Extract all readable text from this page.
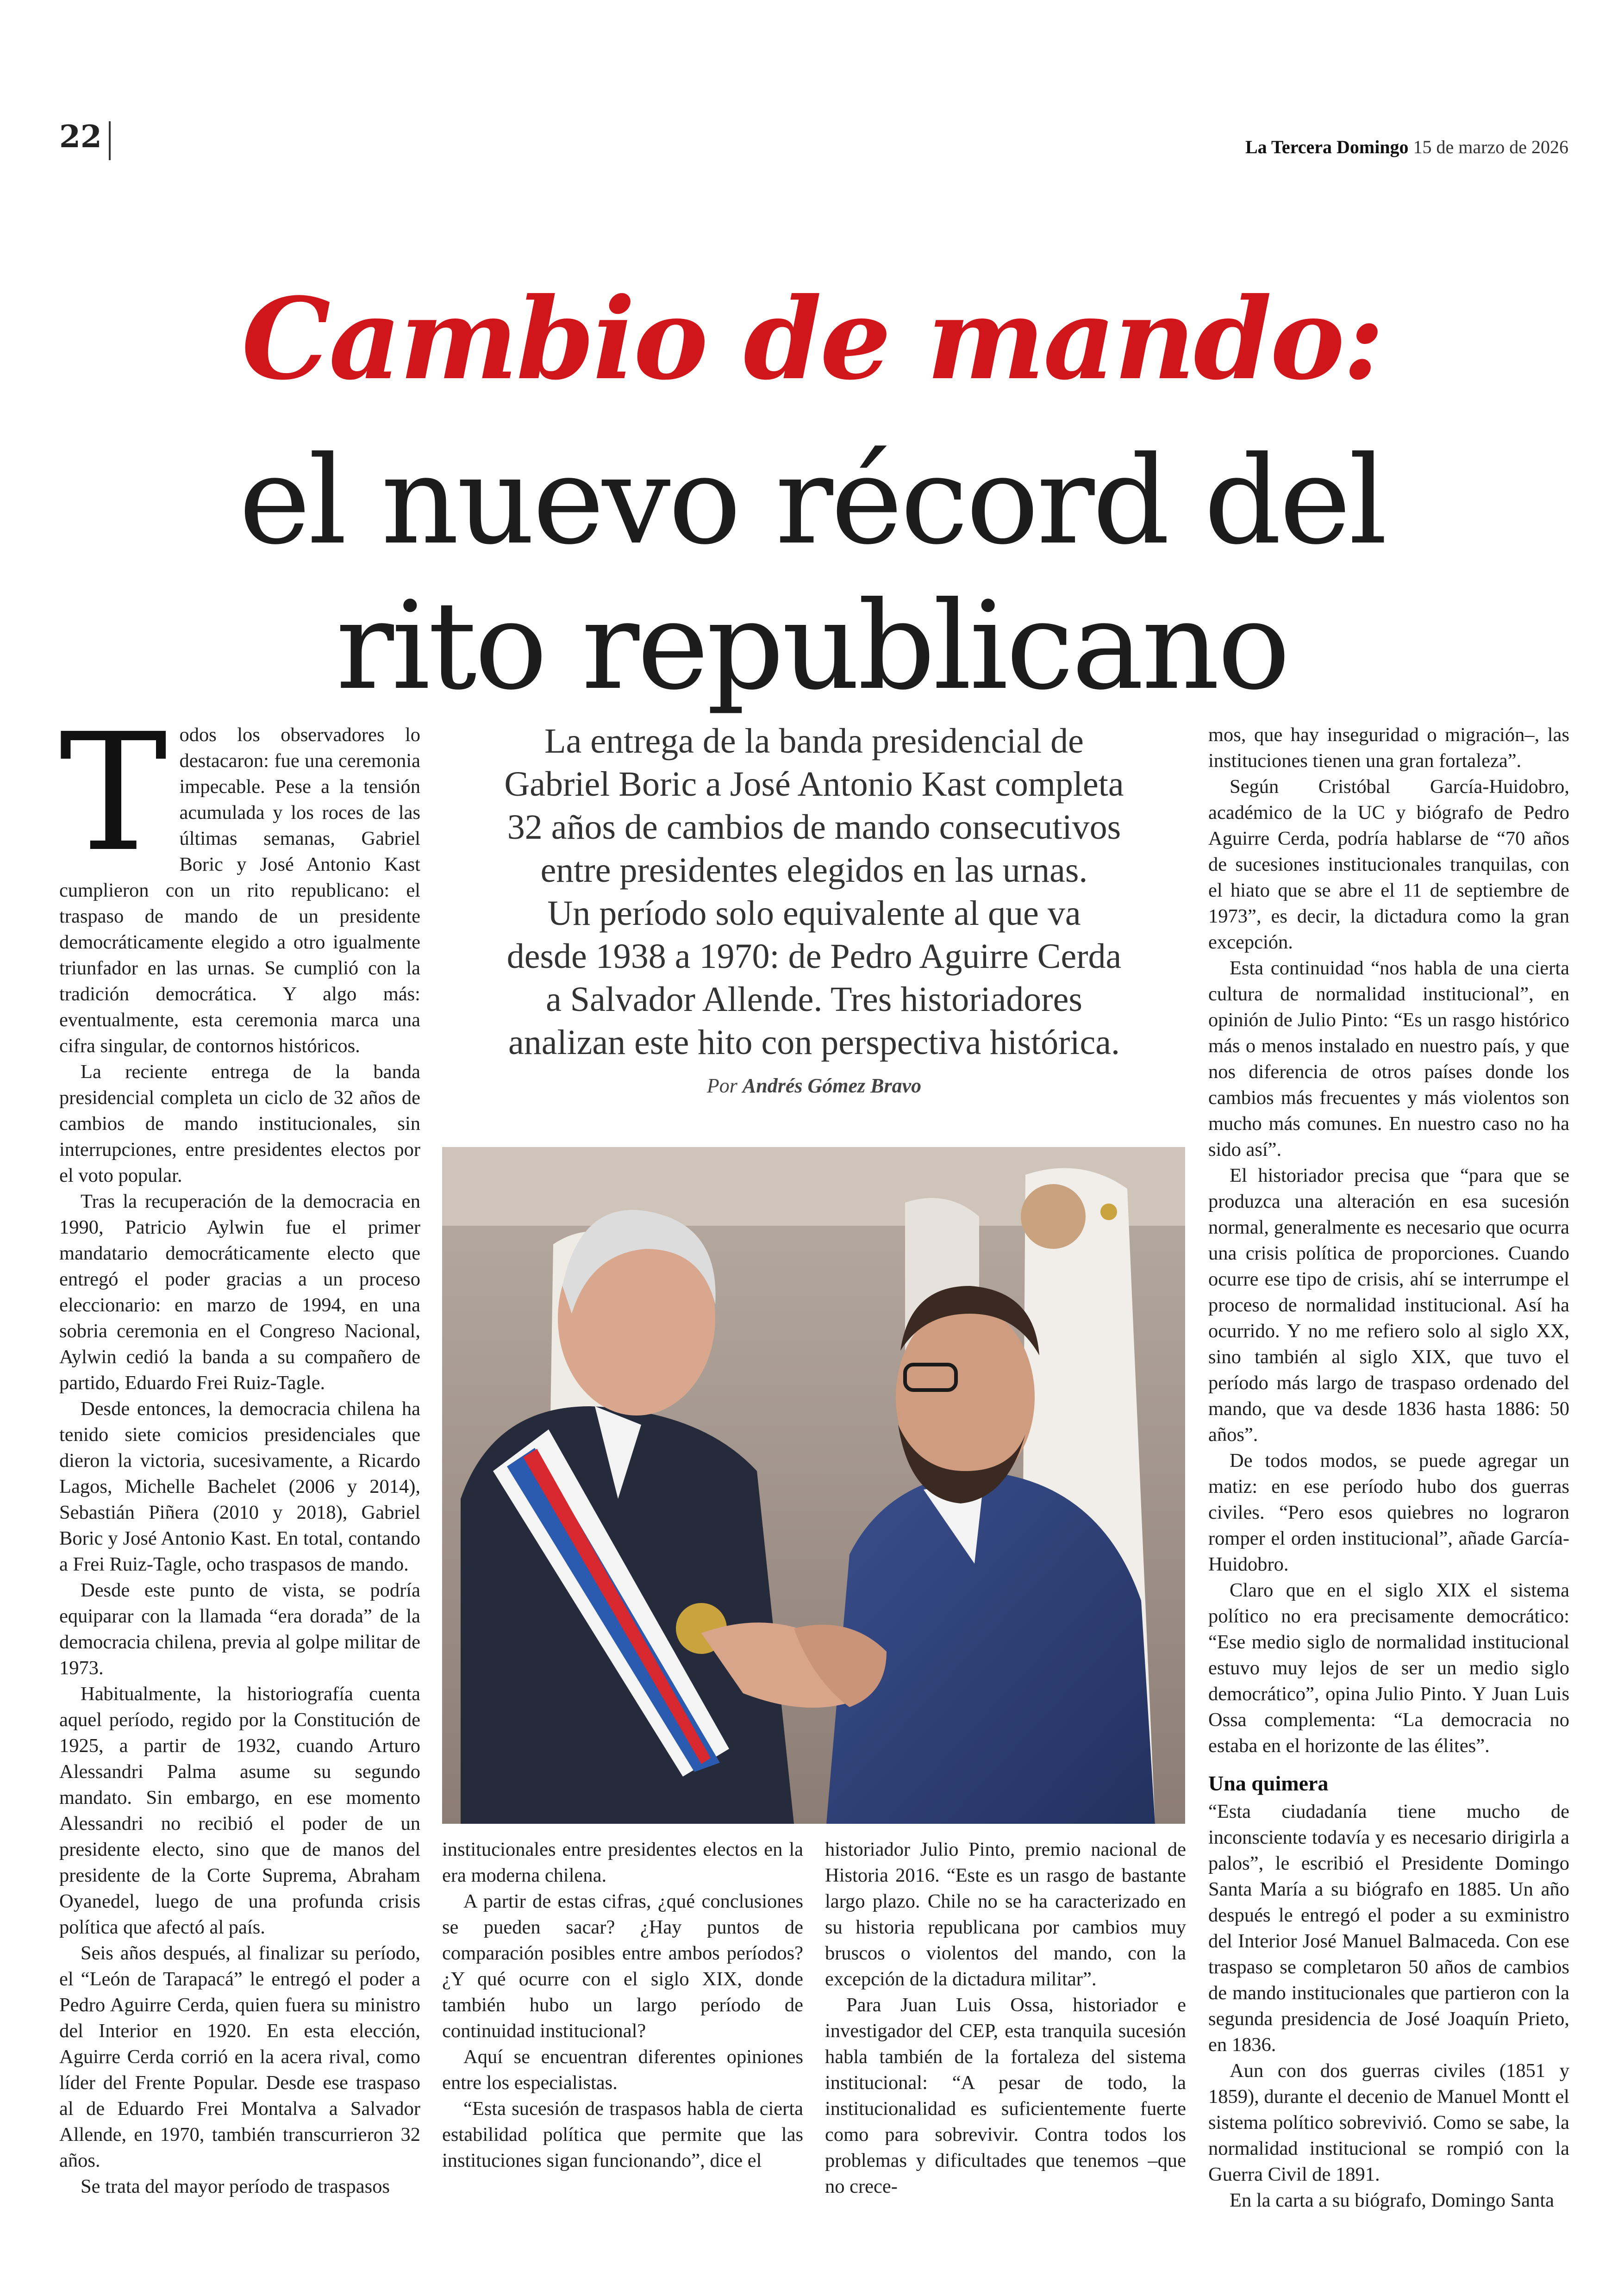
22	La Tercera Domingo 15 de marzo de 2026
Cambio de mando:
el nuevo récord del
rito republicano
La entrega de la banda presidencial de
Gabriel Boric a José Antonio Kast completa
32 años de cambios de mando consecutivos
entre presidentes elegidos en las urnas.
Un período solo equivalente al que va
desde 1938 a 1970: de Pedro Aguirre Cerda
a Salvador Allende. Tres historiadores
analizan este hito con perspectiva histórica.
Por Andrés Gómez Bravo
T odos los observadores lo destacaron: fue una ceremonia impecable. Pese a la tensión acumulada y los roces de las últimas semanas, Gabriel Boric y José Antonio Kast cumplieron con un rito republicano: el traspaso de mando de un presidente democráticamente elegido a otro igualmente triunfador en las urnas. Se cumplió con la tradición democrática. Y algo más: eventualmente, esta ceremonia marca una cifra singular, de contornos históricos.

La reciente entrega de la banda presidencial completa un ciclo de 32 años de cambios de mando institucionales, sin interrupciones, entre presidentes electos por el voto popular.

Tras la recuperación de la democracia en 1990, Patricio Aylwin fue el primer mandatario democráticamente electo que entregó el poder gracias a un proceso eleccionario: en marzo de 1994, en una sobria ceremonia en el Congreso Nacional, Aylwin cedió la banda a su compañero de partido, Eduardo Frei Ruiz-Tagle.

Desde entonces, la democracia chilena ha tenido siete comicios presidenciales que dieron la victoria, sucesivamente, a Ricardo Lagos, Michelle Bachelet (2006 y 2014), Sebastián Piñera (2010 y 2018), Gabriel Boric y José Antonio Kast. En total, contando a Frei Ruiz-Tagle, ocho traspasos de mando.

Desde este punto de vista, se podría equiparar con la llamada “era dorada” de la democracia chilena, previa al golpe militar de 1973.

Habitualmente, la historiografía cuenta aquel período, regido por la Constitución de 1925, a partir de 1932, cuando Arturo Alessandri Palma asume su segundo mandato. Sin embargo, en ese momento Alessandri no recibió el poder de un presidente electo, sino que de manos del presidente de la Corte Suprema, Abraham Oyanedel, luego de una profunda crisis política que afectó al país.

Seis años después, al finalizar su período, el “León de Tarapacá” le entregó el poder a Pedro Aguirre Cerda, quien fuera su ministro del Interior en 1920. En esta elección, Aguirre Cerda corrió en la acera rival, como líder del Frente Popular. Desde ese traspaso al de Eduardo Frei Montalva a Salvador Allende, en 1970, también transcurrieron 32 años.

Se trata del mayor período de traspasos

institucionales entre presidentes electos en la era moderna chilena.

A partir de estas cifras, ¿qué conclusiones se pueden sacar? ¿Hay puntos de comparación posibles entre ambos períodos? ¿Y qué ocurre con el siglo XIX, donde también hubo un largo período de continuidad institucional?

Aquí se encuentran diferentes opiniones entre los especialistas.

“Esta sucesión de traspasos habla de cierta estabilidad política que permite que las instituciones sigan funcionando”, dice el

historiador Julio Pinto, premio nacional de Historia 2016. “Este es un rasgo de bastante largo plazo. Chile no se ha caracterizado en su historia republicana por cambios muy bruscos o violentos del mando, con la excepción de la dictadura militar”.

Para Juan Luis Ossa, historiador e investigador del CEP, esta tranquila sucesión habla también de la fortaleza del sistema institucional: “A pesar de todo, la institucionalidad es suficientemente fuerte como para sobrevivir. Contra todos los problemas y dificultades que tenemos –que no crece-

mos, que hay inseguridad o migración–, las instituciones tienen una gran fortaleza”.

Según Cristóbal García-Huidobro, académico de la UC y biógrafo de Pedro Aguirre Cerda, podría hablarse de “70 años de sucesiones institucionales tranquilas, con el hiato que se abre el 11 de septiembre de 1973”, es decir, la dictadura como la gran excepción.

Esta continuidad “nos habla de una cierta cultura de normalidad institucional”, en opinión de Julio Pinto: “Es un rasgo histórico más o menos instalado en nuestro país, y que nos diferencia de otros países donde los cambios más frecuentes y más violentos son mucho más comunes. En nuestro caso no ha sido así”.

El historiador precisa que “para que se produzca una alteración en esa sucesión normal, generalmente es necesario que ocurra una crisis política de proporciones. Cuando ocurre ese tipo de crisis, ahí se interrumpe el proceso de normalidad institucional. Así ha ocurrido. Y no me refiero solo al siglo XX, sino también al siglo XIX, que tuvo el período más largo de traspaso ordenado del mando, que va desde 1836 hasta 1886: 50 años”.

De todos modos, se puede agregar un matiz: en ese período hubo dos guerras civiles. “Pero esos quiebres no lograron romper el orden institucional”, añade García-Huidobro.

Claro que en el siglo XIX el sistema político no era precisamente democrático: “Ese medio siglo de normalidad institucional estuvo muy lejos de ser un medio siglo democrático”, opina Julio Pinto. Y Juan Luis Ossa complementa: “La democracia no estaba en el horizonte de las élites”.

Una quimera

“Esta ciudadanía tiene mucho de inconsciente todavía y es necesario dirigirla a palos”, le escribió el Presidente Domingo Santa María a su biógrafo en 1885. Un año después le entregó el poder a su exministro del Interior José Manuel Balmaceda. Con ese traspaso se completaron 50 años de cambios de mando institucionales que partieron con la segunda presidencia de José Joaquín Prieto, en 1836.

Aun con dos guerras civiles (1851 y 1859), durante el decenio de Manuel Montt el sistema político sobrevivió. Como se sabe, la normalidad institucional se rompió con la Guerra Civil de 1891.

En la carta a su biógrafo, Domingo Santa
